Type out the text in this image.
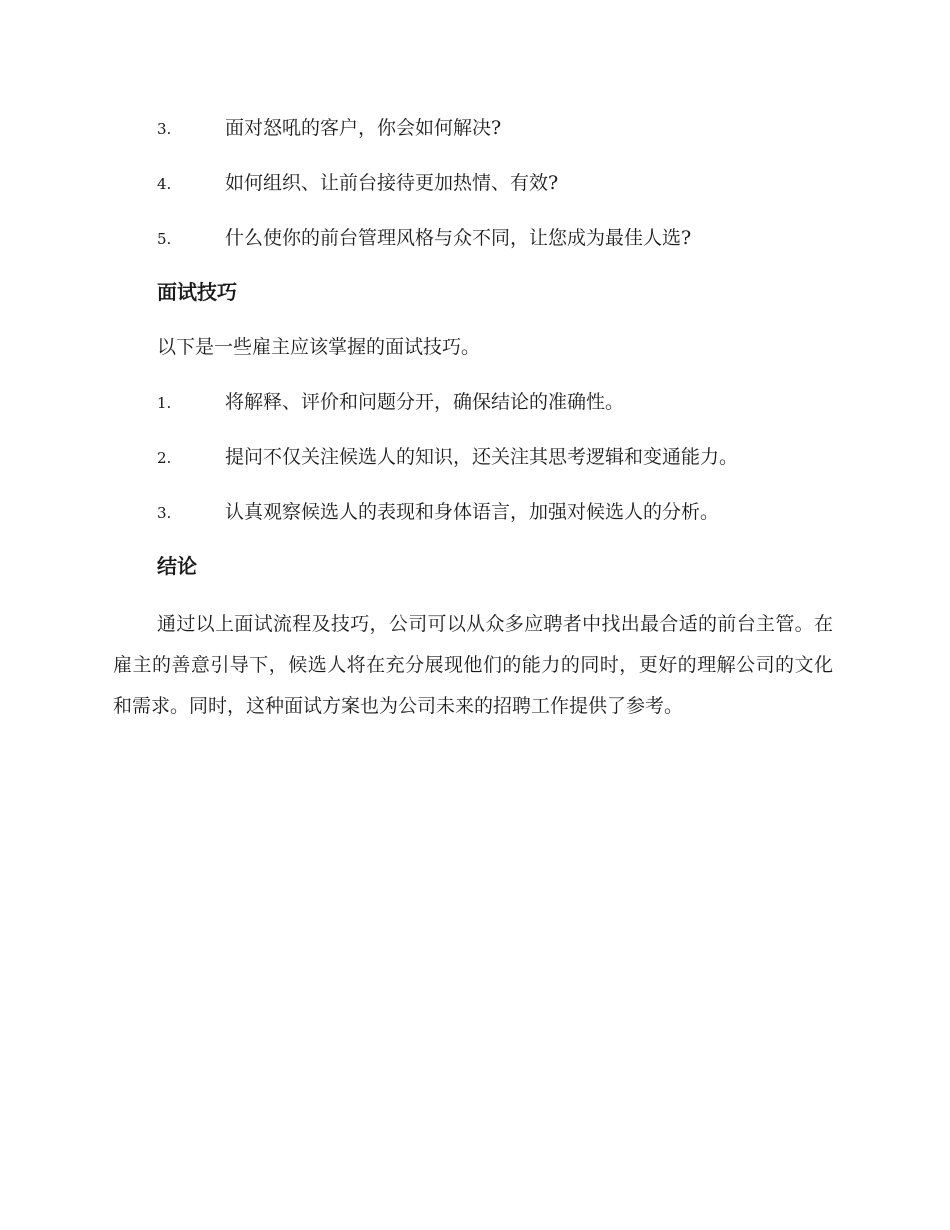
3.	面对怒吼的客户，你会如何解决?
4.	如何组织、让前台接待更加热情、有效?
5.	什么使你的前台管理风格与众不同，让您成为最佳人选?
面试技巧
以下是一些雇主应该掌握的面试技巧。
1.	将解释、评价和问题分开，确保结论的准确性。
2.	提问不仅关注候选人的知识，还关注其思考逻辑和变通能力。
3.	认真观察候选人的表现和身体语言，加强对候选人的分析。
结论
通过以上面试流程及技巧，公司可以从众多应聘者中找出最合适的前台主管。在雇主的善意引导下，候选人将在充分展现他们的能力的同时，更好的理解公司的文化和需求。同时，这种面试方案也为公司未来的招聘工作提供了参考。
